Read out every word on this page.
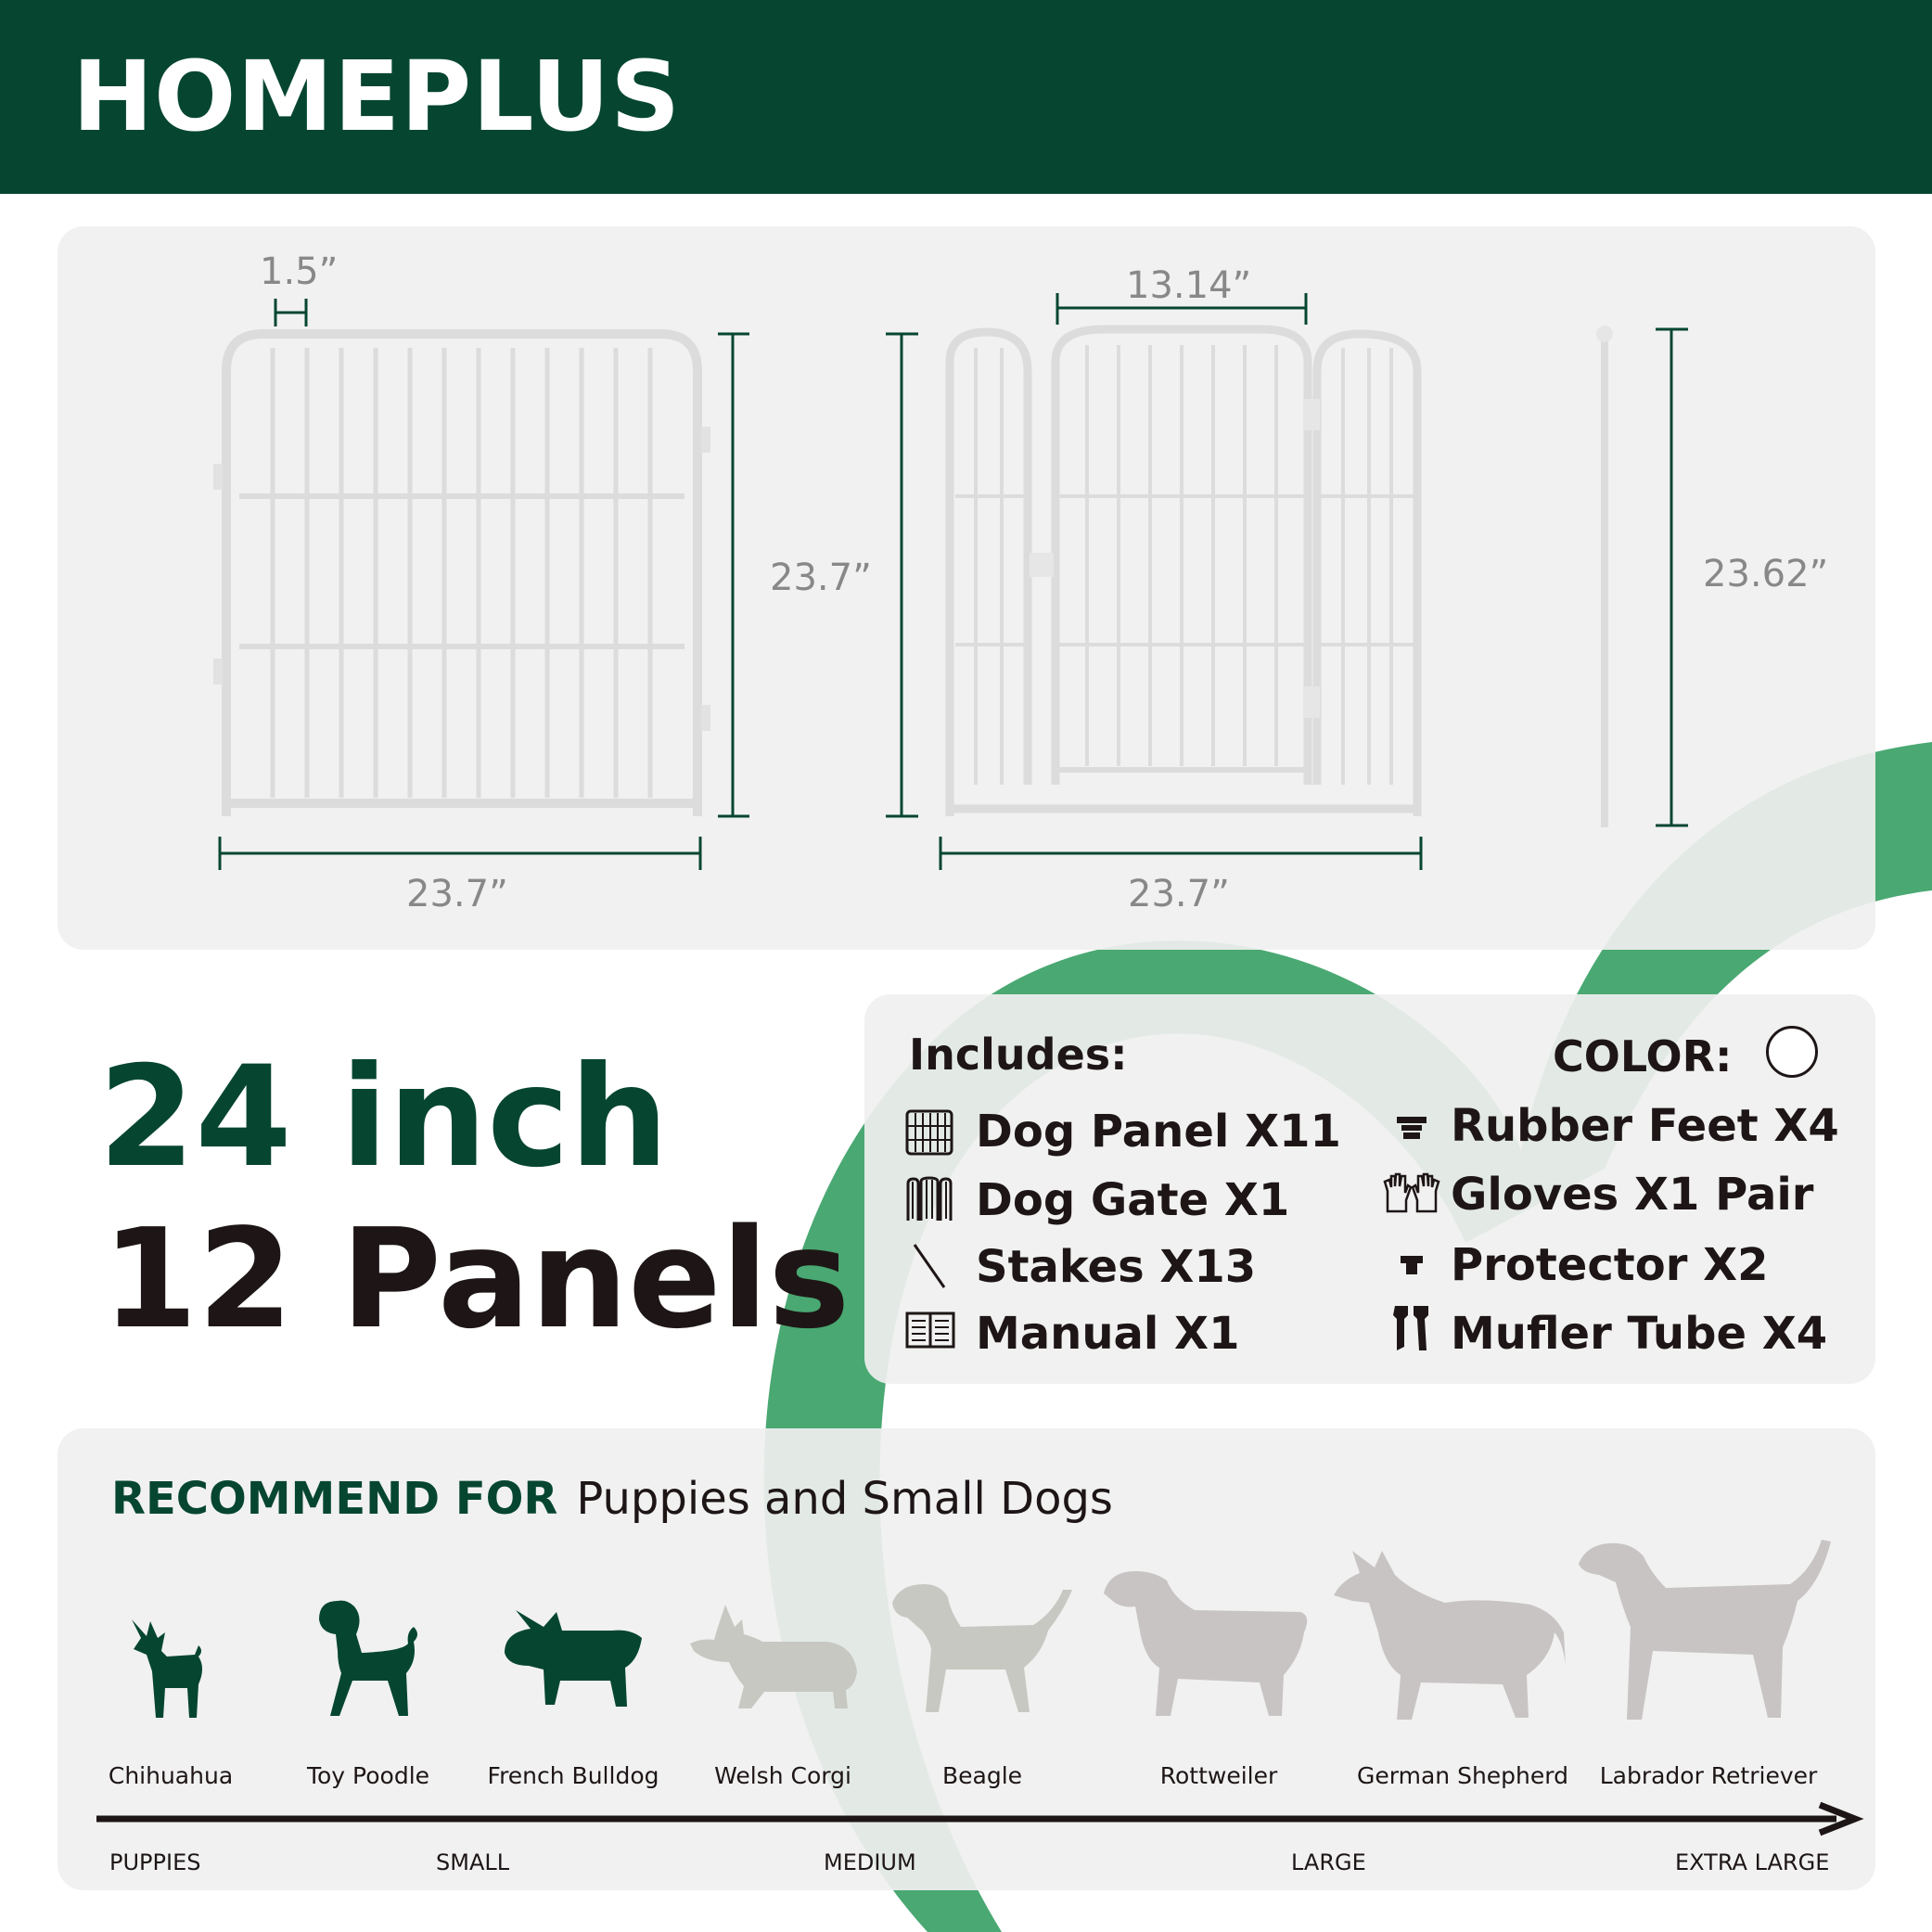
HOMEPLUS
1.5”
23.7”
23.7”
13.14”
23.7”
23.62”
24 inch
12 Panels
Includes:	COLOR:
Dog Panel X11
Dog Gate X1
Stakes X13
Manual X1
Rubber Feet X4
Gloves X1 Pair
Protector X2
Mufler Tube X4
RECOMMEND FOR Puppies and Small Dogs
Chihuahua	Toy Poodle French Bulldog Welsh Corgi	Beagle	Rottweiler	German Shepherd Labrador Retriever
PUPPIES	SMALL	MEDIUM	LARGE	EXTRA LARGE
